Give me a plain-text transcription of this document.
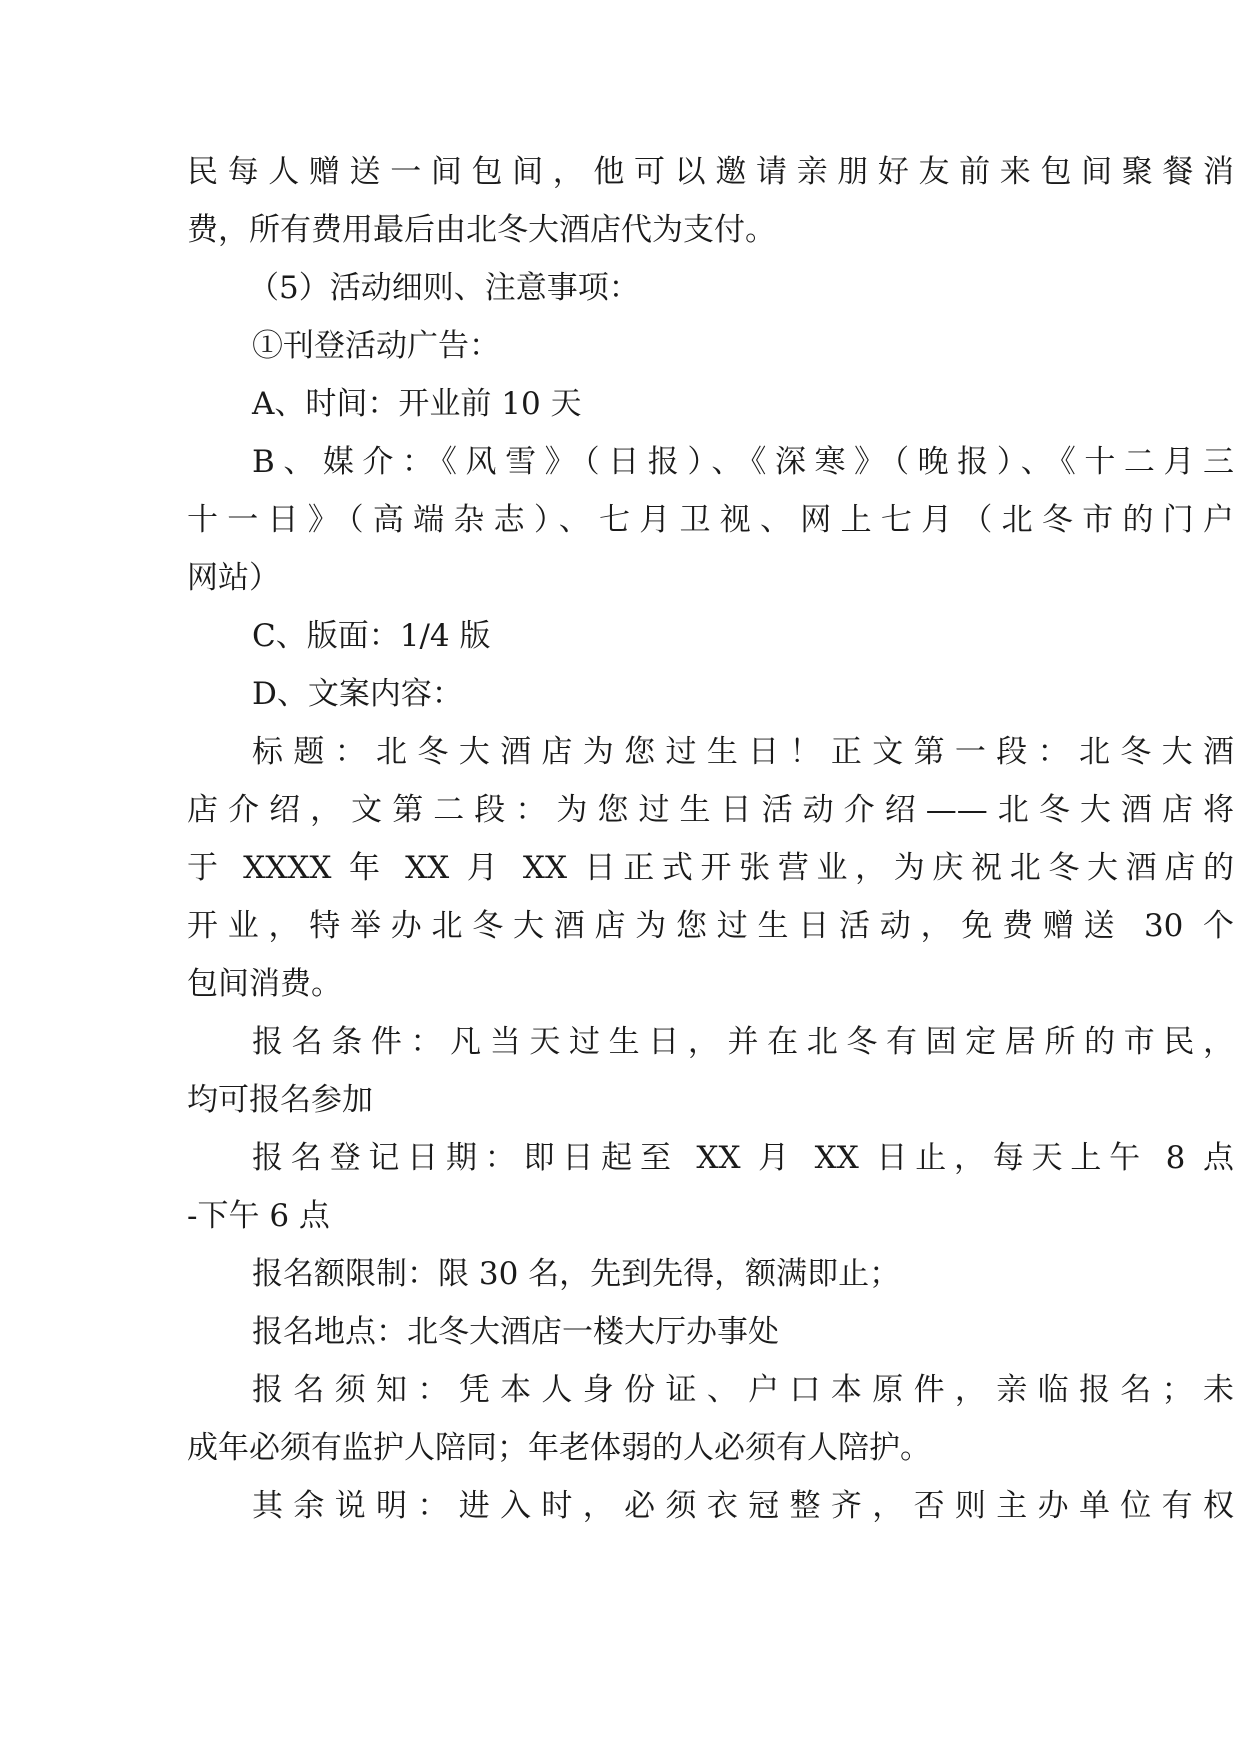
民每人赠送一间包间，他可以邀请亲朋好友前来包间聚餐消
费，所有费用最后由北冬大酒店代为支付。
（5）活动细则、注意事项：
①刊登活动广告：
A、时间：开业前 10 天
B、媒介：《风雪》（日报）、《深寒》（晚报）、《十二月三
十一日》（高端杂志）、七月卫视、网上七月（北冬市的门户
网站）
C、版面：1/4 版
D、文案内容：
标题：北冬大酒店为您过生日！正文第一段：北冬大酒
店介绍，文第二段：为您过生日活动介绍——北冬大酒店将
于 XXXX 年 XX 月 XX 日正式开张营业，为庆祝北冬大酒店的
开业，特举办北冬大酒店为您过生日活动，免费赠送 30 个
包间消费。
报名条件：凡当天过生日，并在北冬有固定居所的市民，
均可报名参加
报名登记日期：即日起至 XX 月 XX 日止，每天上午 8 点
-下午 6 点
报名额限制：限 30 名，先到先得，额满即止；
报名地点：北冬大酒店一楼大厅办事处
报名须知：凭本人身份证、户口本原件，亲临报名；未
成年必须有监护人陪同；年老体弱的人必须有人陪护。
其余说明：进入时，必须衣冠整齐，否则主办单位有权
